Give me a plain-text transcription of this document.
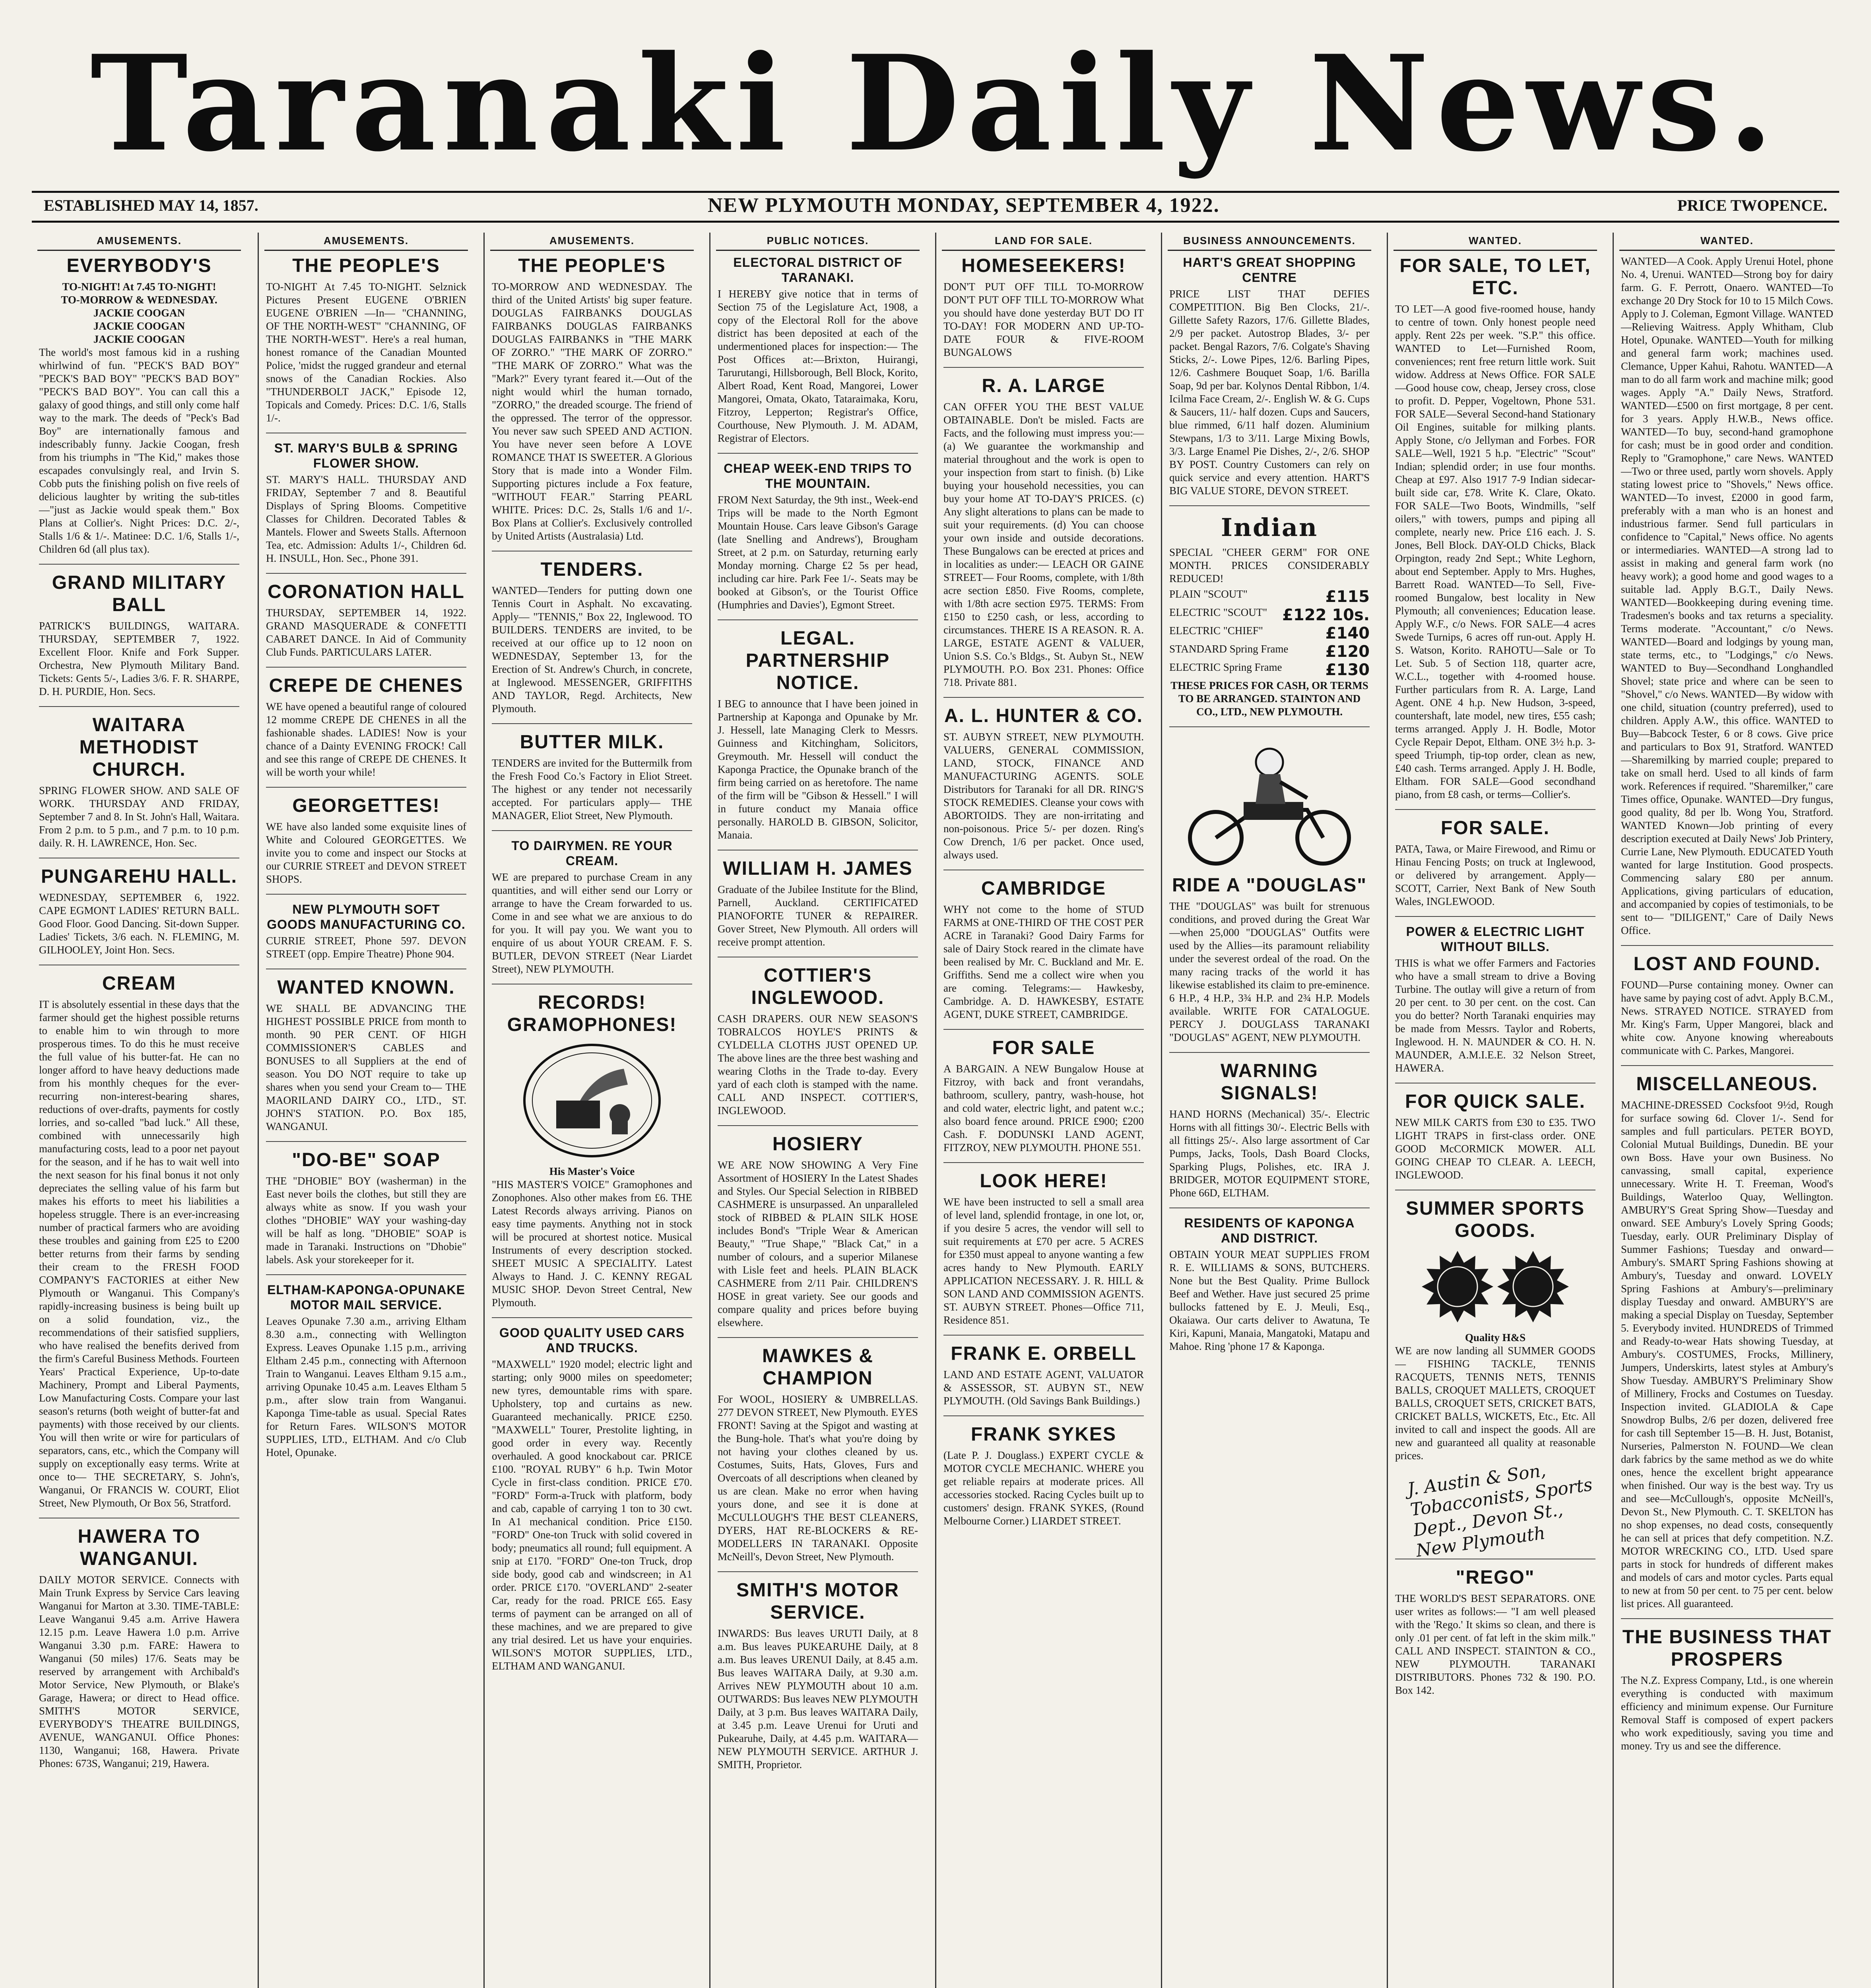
Taranaki Daily News.
ESTABLISHED MAY 14, 1857.	NEW PLYMOUTH MONDAY, SEPTEMBER 4, 1922.	PRICE TWOPENCE.
AMUSEMENTS.
EVERYBODY'S
TO-NIGHT! At 7.45 TO-NIGHT!
TO-MORROW & WEDNESDAY.
JACKIE COOGAN
JACKIE COOGAN
JACKIE COOGAN

The world's most famous kid in a rushing whirlwind of fun. "PECK'S BAD BOY" "PECK'S BAD BOY" "PECK'S BAD BOY" "PECK'S BAD BOY". You can call this a galaxy of good things, and still only come half way to the mark. The deeds of "Peck's Bad Boy" are internationally famous and indescribably funny. Jackie Coogan, fresh from his triumphs in "The Kid," makes those escapades convulsingly real, and Irvin S. Cobb puts the finishing polish on five reels of delicious laughter by writing the sub-titles—"just as Jackie would speak them." Box Plans at Collier's. Night Prices: D.C. 2/-, Stalls 1/6 & 1/-. Matinee: D.C. 1/6, Stalls 1/-, Children 6d (all plus tax).

GRAND MILITARY BALL

PATRICK'S BUILDINGS, WAITARA. THURSDAY, SEPTEMBER 7, 1922. Excellent Floor. Knife and Fork Supper. Orchestra, New Plymouth Military Band. Tickets: Gents 5/-, Ladies 3/6. F. R. SHARPE, D. H. PURDIE, Hon. Secs.

WAITARA METHODIST CHURCH.

SPRING FLOWER SHOW. AND SALE OF WORK. THURSDAY AND FRIDAY, September 7 and 8. In St. John's Hall, Waitara. From 2 p.m. to 5 p.m., and 7 p.m. to 10 p.m. daily. R. H. LAWRENCE, Hon. Sec.

PUNGAREHU HALL.

WEDNESDAY, SEPTEMBER 6, 1922. CAPE EGMONT LADIES' RETURN BALL. Good Floor. Good Dancing. Sit-down Supper. Ladies' Tickets, 3/6 each. N. FLEMING, M. GILHOOLEY, Joint Hon. Secs.

CREAM

IT is absolutely essential in these days that the farmer should get the highest possible returns to enable him to win through to more prosperous times. To do this he must receive the full value of his butter-fat. He can no longer afford to have heavy deductions made from his monthly cheques for the ever-recurring non-interest-bearing shares, reductions of over-drafts, payments for costly lorries, and so-called "bad luck." All these, combined with unnecessarily high manufacturing costs, lead to a poor net payout for the season, and if he has to wait well into the next season for his final bonus it not only depreciates the selling value of his farm but makes his efforts to meet his liabilities a hopeless struggle. There is an ever-increasing number of practical farmers who are avoiding these troubles and gaining from £25 to £200 better returns from their farms by sending their cream to the FRESH FOOD COMPANY'S FACTORIES at either New Plymouth or Wanganui. This Company's rapidly-increasing business is being built up on a solid foundation, viz., the recommendations of their satisfied suppliers, who have realised the benefits derived from the firm's Careful Business Methods. Fourteen Years' Practical Experience, Up-to-date Machinery, Prompt and Liberal Payments, Low Manufacturing Costs. Compare your last season's returns (both weight of butter-fat and payments) with those received by our clients. You will then write or wire for particulars of separators, cans, etc., which the Company will supply on exceptionally easy terms. Write at once to— THE SECRETARY, S. John's, Wanganui, Or FRANCIS W. COURT, Eliot Street, New Plymouth, Or Box 56, Stratford.

HAWERA TO WANGANUI.

DAILY MOTOR SERVICE. Connects with Main Trunk Express by Service Cars leaving Wanganui for Marton at 3.30. TIME-TABLE: Leave Wanganui 9.45 a.m. Arrive Hawera 12.15 p.m. Leave Hawera 1.0 p.m. Arrive Wanganui 3.30 p.m. FARE: Hawera to Wanganui (50 miles) 17/6. Seats may be reserved by arrangement with Archibald's Motor Service, New Plymouth, or Blake's Garage, Hawera; or direct to Head office. SMITH'S MOTOR SERVICE, EVERYBODY'S THEATRE BUILDINGS, AVENUE, WANGANUI. Office Phones: 1130, Wanganui; 168, Hawera. Private Phones: 673S, Wanganui; 219, Hawera.

AMUSEMENTS.
THE PEOPLE'S

TO-NIGHT At 7.45 TO-NIGHT. Selznick Pictures Present EUGENE O'BRIEN EUGENE O'BRIEN —In— "CHANNING, OF THE NORTH-WEST" "CHANNING, OF THE NORTH-WEST". Here's a real human, honest romance of the Canadian Mounted Police, 'midst the rugged grandeur and eternal snows of the Canadian Rockies. Also "THUNDERBOLT JACK," Episode 12, Topicals and Comedy. Prices: D.C. 1/6, Stalls 1/-.

ST. MARY'S BULB & SPRING FLOWER SHOW.

ST. MARY'S HALL. THURSDAY AND FRIDAY, September 7 and 8. Beautiful Displays of Spring Blooms. Competitive Classes for Children. Decorated Tables & Mantels. Flower and Sweets Stalls. Afternoon Tea, etc. Admission: Adults 1/-, Children 6d. H. INSULL, Hon. Sec., Phone 391.

CORONATION HALL

THURSDAY, SEPTEMBER 14, 1922. GRAND MASQUERADE & CONFETTI CABARET DANCE. In Aid of Community Club Funds. PARTICULARS LATER.

CREPE DE CHENES

WE have opened a beautiful range of coloured 12 momme CREPE DE CHENES in all the fashionable shades. LADIES! Now is your chance of a Dainty EVENING FROCK! Call and see this range of CREPE DE CHENES. It will be worth your while!

GEORGETTES!

WE have also landed some exquisite lines of White and Coloured GEORGETTES. We invite you to come and inspect our Stocks at our CURRIE STREET and DEVON STREET SHOPS.

NEW PLYMOUTH SOFT GOODS MANUFACTURING CO.

CURRIE STREET, Phone 597. DEVON STREET (opp. Empire Theatre) Phone 904.

WANTED KNOWN.

WE SHALL BE ADVANCING THE HIGHEST POSSIBLE PRICE from month to month. 90 PER CENT. OF HIGH COMMISSIONER'S CABLES and BONUSES to all Suppliers at the end of season. You DO NOT require to take up shares when you send your Cream to— THE MAORILAND DAIRY CO., LTD., ST. JOHN'S STATION. P.O. Box 185, WANGANUI.

"DO-BE" SOAP

THE "DHOBIE" BOY (washerman) in the East never boils the clothes, but still they are always white as snow. If you wash your clothes "DHOBIE" WAY your washing-day will be half as long. "DHOBIE" SOAP is made in Taranaki. Instructions on "Dhobie" labels. Ask your storekeeper for it.

ELTHAM-KAPONGA-OPUNAKE MOTOR MAIL SERVICE.

Leaves Opunake 7.30 a.m., arriving Eltham 8.30 a.m., connecting with Wellington Express. Leaves Opunake 1.15 p.m., arriving Eltham 2.45 p.m., connecting with Afternoon Train to Wanganui. Leaves Eltham 9.15 a.m., arriving Opunake 10.45 a.m. Leaves Eltham 5 p.m., after slow train from Wanganui. Kaponga Time-table as usual. Special Rates for Return Fares. WILSON'S MOTOR SUPPLIES, LTD., ELTHAM. And c/o Club Hotel, Opunake.

AMUSEMENTS.
THE PEOPLE'S

TO-MORROW AND WEDNESDAY. The third of the United Artists' big super feature. DOUGLAS FAIRBANKS DOUGLAS FAIRBANKS DOUGLAS FAIRBANKS DOUGLAS FAIRBANKS in "THE MARK OF ZORRO." "THE MARK OF ZORRO." "THE MARK OF ZORRO." What was the "Mark?" Every tyrant feared it.—Out of the night would whirl the human tornado, "ZORRO," the dreaded scourge. The friend of the oppressed. The terror of the oppressor. You never saw such SPEED AND ACTION. You have never seen before A LOVE ROMANCE THAT IS SWEETER. A Glorious Story that is made into a Wonder Film. Supporting pictures include a Fox feature, "WITHOUT FEAR." Starring PEARL WHITE. Prices: D.C. 2s, Stalls 1/6 and 1/-. Box Plans at Collier's. Exclusively controlled by United Artists (Australasia) Ltd.

TENDERS.

WANTED—Tenders for putting down one Tennis Court in Asphalt. No excavating. Apply— "TENNIS," Box 22, Inglewood. TO BUILDERS. TENDERS are invited, to be received at our office up to 12 noon on WEDNESDAY, September 13, for the Erection of St. Andrew's Church, in concrete, at Inglewood. MESSENGER, GRIFFITHS AND TAYLOR, Regd. Architects, New Plymouth.

BUTTER MILK.

TENDERS are invited for the Buttermilk from the Fresh Food Co.'s Factory in Eliot Street. The highest or any tender not necessarily accepted. For particulars apply— THE MANAGER, Eliot Street, New Plymouth.

TO DAIRYMEN. RE YOUR CREAM.

WE are prepared to purchase Cream in any quantities, and will either send our Lorry or arrange to have the Cream forwarded to us. Come in and see what we are anxious to do for you. It will pay you. We want you to enquire of us about YOUR CREAM. F. S. BUTLER, DEVON STREET (Near Liardet Street), NEW PLYMOUTH.

RECORDS! GRAMOPHONES!
His Master's Voice

"HIS MASTER'S VOICE" Gramophones and Zonophones. Also other makes from £6. THE Latest Records always arriving. Pianos on easy time payments. Anything not in stock will be procured at shortest notice. Musical Instruments of every description stocked. SHEET MUSIC A SPECIALITY. Latest Always to Hand. J. C. KENNY REGAL MUSIC SHOP. Devon Street Central, New Plymouth.

GOOD QUALITY USED CARS AND TRUCKS.

"MAXWELL" 1920 model; electric light and starting; only 9000 miles on speedometer; new tyres, demountable rims with spare. Upholstery, top and curtains as new. Guaranteed mechanically. PRICE £250. "MAXWELL" Tourer, Prestolite lighting, in good order in every way. Recently overhauled. A good knockabout car. PRICE £100. "ROYAL RUBY" 6 h.p. Twin Motor Cycle in first-class condition. PRICE £70. "FORD" Form-a-Truck with platform, body and cab, capable of carrying 1 ton to 30 cwt. In A1 mechanical condition. Price £150. "FORD" One-ton Truck with solid covered in body; pneumatics all round; full equipment. A snip at £170. "FORD" One-ton Truck, drop side body, good cab and windscreen; in A1 order. PRICE £170. "OVERLAND" 2-seater Car, ready for the road. PRICE £65. Easy terms of payment can be arranged on all of these machines, and we are prepared to give any trial desired. Let us have your enquiries. WILSON'S MOTOR SUPPLIES, LTD., ELTHAM AND WANGANUI.

PUBLIC NOTICES.
ELECTORAL DISTRICT OF TARANAKI.

I HEREBY give notice that in terms of Section 75 of the Legislature Act, 1908, a copy of the Electoral Roll for the above district has been deposited at each of the undermentioned places for inspection:— The Post Offices at:—Brixton, Huirangi, Tarurutangi, Hillsborough, Bell Block, Korito, Albert Road, Kent Road, Mangorei, Lower Mangorei, Omata, Okato, Tataraimaka, Koru, Fitzroy, Lepperton; Registrar's Office, Courthouse, New Plymouth. J. M. ADAM, Registrar of Electors.

CHEAP WEEK-END TRIPS TO THE MOUNTAIN.

FROM Next Saturday, the 9th inst., Week-end Trips will be made to the North Egmont Mountain House. Cars leave Gibson's Garage (late Snelling and Andrews'), Brougham Street, at 2 p.m. on Saturday, returning early Monday morning. Charge £2 5s per head, including car hire. Park Fee 1/-. Seats may be booked at Gibson's, or the Tourist Office (Humphries and Davies'), Egmont Street.

LEGAL. PARTNERSHIP NOTICE.

I BEG to announce that I have been joined in Partnership at Kaponga and Opunake by Mr. J. Hessell, late Managing Clerk to Messrs. Guinness and Kitchingham, Solicitors, Greymouth. Mr. Hessell will conduct the Kaponga Practice, the Opunake branch of the firm being carried on as heretofore. The name of the firm will be "Gibson & Hessell." I will in future conduct my Manaia office personally. HAROLD B. GIBSON, Solicitor, Manaia.

WILLIAM H. JAMES

Graduate of the Jubilee Institute for the Blind, Parnell, Auckland. CERTIFICATED PIANOFORTE TUNER & REPAIRER. Gover Street, New Plymouth. All orders will receive prompt attention.

COTTIER'S INGLEWOOD.

CASH DRAPERS. OUR NEW SEASON'S TOBRALCOS HOYLE'S PRINTS & CYLDELLA CLOTHS JUST OPENED UP. The above lines are the three best washing and wearing Cloths in the Trade to-day. Every yard of each cloth is stamped with the name. CALL AND INSPECT. COTTIER'S, INGLEWOOD.

HOSIERY

WE ARE NOW SHOWING A Very Fine Assortment of HOSIERY In the Latest Shades and Styles. Our Special Selection in RIBBED CASHMERE is unsurpassed. An unparalleled stock of RIBBED & PLAIN SILK HOSE includes Bond's "Triple Wear & American Beauty," "True Shape," "Black Cat," in a number of colours, and a superior Milanese with Lisle feet and heels. PLAIN BLACK CASHMERE from 2/11 Pair. CHILDREN'S HOSE in great variety. See our goods and compare quality and prices before buying elsewhere.

MAWKES & CHAMPION

For WOOL, HOSIERY & UMBRELLAS. 277 DEVON STREET, New Plymouth. EYES FRONT! Saving at the Spigot and wasting at the Bung-hole. That's what you're doing by not having your clothes cleaned by us. Costumes, Suits, Hats, Gloves, Furs and Overcoats of all descriptions when cleaned by us are clean. Make no error when having yours done, and see it is done at McCULLOUGH'S THE BEST CLEANERS, DYERS, HAT RE-BLOCKERS & RE-MODELLERS IN TARANAKI. Opposite McNeill's, Devon Street, New Plymouth.

SMITH'S MOTOR SERVICE.

INWARDS: Bus leaves URUTI Daily, at 8 a.m. Bus leaves PUKEARUHE Daily, at 8 a.m. Bus leaves URENUI Daily, at 8.45 a.m. Bus leaves WAITARA Daily, at 9.30 a.m. Arrives NEW PLYMOUTH about 10 a.m. OUTWARDS: Bus leaves NEW PLYMOUTH Daily, at 3 p.m. Bus leaves WAITARA Daily, at 3.45 p.m. Leave Urenui for Uruti and Pukearuhe, Daily, at 4.45 p.m. WAITARA—NEW PLYMOUTH SERVICE. ARTHUR J. SMITH, Proprietor.

LAND FOR SALE.
HOMESEEKERS!

DON'T PUT OFF TILL TO-MORROW DON'T PUT OFF TILL TO-MORROW What you should have done yesterday BUT DO IT TO-DAY! FOR MODERN AND UP-TO-DATE FOUR & FIVE-ROOM BUNGALOWS

R. A. LARGE

CAN OFFER YOU THE BEST VALUE OBTAINABLE. Don't be misled. Facts are Facts, and the following must impress you:— (a) We guarantee the workmanship and material throughout and the work is open to your inspection from start to finish. (b) Like buying your household necessities, you can buy your home AT TO-DAY'S PRICES. (c) Any slight alterations to plans can be made to suit your requirements. (d) You can choose your own inside and outside decorations. These Bungalows can be erected at prices and in localities as under:— LEACH OR GAINE STREET— Four Rooms, complete, with 1/8th acre section £850. Five Rooms, complete, with 1/8th acre section £975. TERMS: From £150 to £250 cash, or less, according to circumstances. THERE IS A REASON. R. A. LARGE, ESTATE AGENT & VALUER, Union S.S. Co.'s Bldgs., St. Aubyn St., NEW PLYMOUTH. P.O. Box 231. Phones: Office 718. Private 881.

A. L. HUNTER & CO.

ST. AUBYN STREET, NEW PLYMOUTH. VALUERS, GENERAL COMMISSION, LAND, STOCK, FINANCE AND MANUFACTURING AGENTS. SOLE Distributors for Taranaki for all DR. RING'S STOCK REMEDIES. Cleanse your cows with ABORTOIDS. They are non-irritating and non-poisonous. Price 5/- per dozen. Ring's Cow Drench, 1/6 per packet. Once used, always used.

CAMBRIDGE

WHY not come to the home of STUD FARMS at ONE-THIRD OF THE COST PER ACRE in Taranaki? Good Dairy Farms for sale of Dairy Stock reared in the climate have been realised by Mr. C. Buckland and Mr. E. Griffiths. Send me a collect wire when you are coming. Telegrams:— Hawkesby, Cambridge. A. D. HAWKESBY, ESTATE AGENT, DUKE STREET, CAMBRIDGE.

FOR SALE

A BARGAIN. A NEW Bungalow House at Fitzroy, with back and front verandahs, bathroom, scullery, pantry, wash-house, hot and cold water, electric light, and patent w.c.; also board fence around. PRICE £900; £200 Cash. F. DODUNSKI LAND AGENT, FITZROY, NEW PLYMOUTH. PHONE 551.

LOOK HERE!

WE have been instructed to sell a small area of level land, splendid frontage, in one lot, or, if you desire 5 acres, the vendor will sell to suit requirements at £70 per acre. 5 ACRES for £350 must appeal to anyone wanting a few acres handy to New Plymouth. EARLY APPLICATION NECESSARY. J. R. HILL & SON LAND AND COMMISSION AGENTS. ST. AUBYN STREET. Phones—Office 711, Residence 851.

FRANK E. ORBELL

LAND AND ESTATE AGENT, VALUATOR & ASSESSOR, ST. AUBYN ST., NEW PLYMOUTH. (Old Savings Bank Buildings.)

FRANK SYKES

(Late P. J. Douglass.) EXPERT CYCLE & MOTOR CYCLE MECHANIC. WHERE you get reliable repairs at moderate prices. All accessories stocked. Racing Cycles built up to customers' design. FRANK SYKES, (Round Melbourne Corner.) LIARDET STREET.

BUSINESS ANNOUNCEMENTS.
HART'S GREAT SHOPPING CENTRE

PRICE LIST THAT DEFIES COMPETITION. Big Ben Clocks, 21/-. Gillette Safety Razors, 17/6. Gillette Blades, 2/9 per packet. Autostrop Blades, 3/- per packet. Bengal Razors, 7/6. Colgate's Shaving Sticks, 2/-. Lowe Pipes, 12/6. Barling Pipes, 12/6. Cashmere Bouquet Soap, 1/6. Barilla Soap, 9d per bar. Kolynos Dental Ribbon, 1/4. Icilma Face Cream, 2/-. English W. & G. Cups & Saucers, 11/- half dozen. Cups and Saucers, blue rimmed, 6/11 half dozen. Aluminium Stewpans, 1/3 to 3/11. Large Mixing Bowls, 3/3. Large Enamel Pie Dishes, 2/-, 2/6. SHOP BY POST. Country Customers can rely on quick service and every attention. HART'S BIG VALUE STORE, DEVON STREET.

Indian

SPECIAL "CHEER GERM" FOR ONE MONTH. PRICES CONSIDERABLY REDUCED!

PLAIN "SCOUT"	£115
ELECTRIC "SCOUT" £122 10s.
ELECTRIC "CHIEF"	£140
STANDARD Spring Frame £120
ELECTRIC Spring Frame	£130

THESE PRICES FOR CASH, OR TERMS TO BE ARRANGED. STAINTON AND CO., LTD., NEW PLYMOUTH.

RIDE A "DOUGLAS"

THE "DOUGLAS" was built for strenuous conditions, and proved during the Great War—when 25,000 "DOUGLAS" Outfits were used by the Allies—its paramount reliability under the severest ordeal of the road. On the many racing tracks of the world it has likewise established its claim to pre-eminence. 6 H.P., 4 H.P., 3¾ H.P. and 2¾ H.P. Models available. WRITE FOR CATALOGUE. PERCY J. DOUGLASS TARANAKI "DOUGLAS" AGENT, NEW PLYMOUTH.

WARNING SIGNALS!

HAND HORNS (Mechanical) 35/-. Electric Horns with all fittings 30/-. Electric Bells with all fittings 25/-. Also large assortment of Car Pumps, Jacks, Tools, Dash Board Clocks, Sparking Plugs, Polishes, etc. IRA J. BRIDGER, MOTOR EQUIPMENT STORE, Phone 66D, ELTHAM.

RESIDENTS OF KAPONGA AND DISTRICT.

OBTAIN YOUR MEAT SUPPLIES FROM R. E. WILLIAMS & SONS, BUTCHERS. None but the Best Quality. Prime Bullock Beef and Wether. Have just secured 25 prime bullocks fattened by E. J. Meuli, Esq., Okaiawa. Our carts deliver to Awatuna, Te Kiri, Kapuni, Manaia, Mangatoki, Matapu and Mahoe. Ring 'phone 17 & Kaponga.

WANTED.
FOR SALE, TO LET, ETC.

TO LET—A good five-roomed house, handy to centre of town. Only honest people need apply. Rent 22s per week. "S.P." this office. WANTED to Let—Furnished Room, conveniences; rent free return little work. Suit widow. Address at News Office. FOR SALE—Good house cow, cheap, Jersey cross, close to profit. D. Pepper, Vogeltown, Phone 531. FOR SALE—Several Second-hand Stationary Oil Engines, suitable for milking plants. Apply Stone, c/o Jellyman and Forbes. FOR SALE—Well, 1921 5 h.p. "Electric" "Scout" Indian; splendid order; in use four months. Cheap at £97. Also 1917 7-9 Indian sidecar-built side car, £78. Write K. Clare, Okato. FOR SALE—Two Boots, Windmills, "self oilers," with towers, pumps and piping all complete, nearly new. Price £16 each. J. S. Jones, Bell Block. DAY-OLD Chicks, Black Orpington, ready 2nd Sept.; White Leghorn, about end September. Apply to Mrs. Hughes, Barrett Road. WANTED—To Sell, Five-roomed Bungalow, best locality in New Plymouth; all conveniences; Education lease. Apply W.F., c/o News. FOR SALE—4 acres Swede Turnips, 6 acres off run-out. Apply H. S. Watson, Korito. RAHOTU—Sale or To Let. Sub. 5 of Section 118, quarter acre, W.C.L., together with 4-roomed house. Further particulars from R. A. Large, Land Agent. ONE 4 h.p. New Hudson, 3-speed, countershaft, late model, new tires, £55 cash; terms arranged. Apply J. H. Bodle, Motor Cycle Repair Depot, Eltham. ONE 3½ h.p. 3-speed Triumph, tip-top order, clean as new, £40 cash. Terms arranged. Apply J. H. Bodle, Eltham. FOR SALE—Good secondhand piano, from £8 cash, or terms—Collier's.

FOR SALE.

PATA, Tawa, or Maire Firewood, and Rimu or Hinau Fencing Posts; on truck at Inglewood, or delivered by arrangement. Apply— SCOTT, Carrier, Next Bank of New South Wales, INGLEWOOD.

POWER & ELECTRIC LIGHT WITHOUT BILLS.

THIS is what we offer Farmers and Factories who have a small stream to drive a Boving Turbine. The outlay will give a return of from 20 per cent. to 30 per cent. on the cost. Can you do better? North Taranaki enquiries may be made from Messrs. Taylor and Roberts, Inglewood. H. N. MAUNDER & CO. H. N. MAUNDER, A.M.I.E.E. 32 Nelson Street, HAWERA.

FOR QUICK SALE.

NEW MILK CARTS from £30 to £35. TWO LIGHT TRAPS in first-class order. ONE GOOD McCORMICK MOWER. ALL GOING CHEAP TO CLEAR. A. LEECH, INGLEWOOD.

SUMMER SPORTS GOODS.
Quality H&S

WE are now landing all SUMMER GOODS— FISHING TACKLE, TENNIS RACQUETS, TENNIS NETS, TENNIS BALLS, CROQUET MALLETS, CROQUET BALLS, CROQUET SETS, CRICKET BATS, CRICKET BALLS, WICKETS, Etc., Etc. All invited to call and inspect the goods. All are new and guaranteed all quality at reasonable prices.

J. Austin & Son, Tobacconists, Sports Dept., Devon St., New Plymouth
"REGO"

THE WORLD'S BEST SEPARATORS. ONE user writes as follows:— "I am well pleased with the 'Rego.' It skims so clean, and there is only .01 per cent. of fat left in the skim milk." CALL AND INSPECT. STAINTON & CO., NEW PLYMOUTH. TARANAKI DISTRIBUTORS. Phones 732 & 190. P.O. Box 142.

WANTED.

WANTED—A Cook. Apply Urenui Hotel, phone No. 4, Urenui. WANTED—Strong boy for dairy farm. G. F. Perrott, Onaero. WANTED—To exchange 20 Dry Stock for 10 to 15 Milch Cows. Apply to J. Coleman, Egmont Village. WANTED—Relieving Waitress. Apply Whitham, Club Hotel, Opunake. WANTED—Youth for milking and general farm work; machines used. Clemance, Upper Kahui, Rahotu. WANTED—A man to do all farm work and machine milk; good wages. Apply "A." Daily News, Stratford. WANTED—£500 on first mortgage, 8 per cent. for 3 years. Apply H.W.B., News office. WANTED—To buy, second-hand gramophone for cash; must be in good order and condition. Reply to "Gramophone," care News. WANTED—Two or three used, partly worn shovels. Apply stating lowest price to "Shovels," News office. WANTED—To invest, £2000 in good farm, preferably with a man who is an honest and industrious farmer. Send full particulars in confidence to "Capital," News office. No agents or intermediaries. WANTED—A strong lad to assist in making and general farm work (no heavy work); a good home and good wages to a suitable lad. Apply B.G.T., Daily News. WANTED—Bookkeeping during evening time. Tradesmen's books and tax returns a speciality. Terms moderate. "Accountant," c/o News. WANTED—Board and lodgings by young man, state terms, etc., to "Lodgings," c/o News. WANTED to Buy—Secondhand Longhandled Shovel; state price and where can be seen to "Shovel," c/o News. WANTED—By widow with one child, situation (country preferred), used to children. Apply A.W., this office. WANTED to Buy—Babcock Tester, 6 or 8 cows. Give price and particulars to Box 91, Stratford. WANTED—Sharemilking by married couple; prepared to take on small herd. Used to all kinds of farm work. References if required. "Sharemilker," care Times office, Opunake. WANTED—Dry fungus, good quality, 8d per lb. Wong You, Stratford. WANTED Known—Job printing of every description executed at Daily News' Job Printery, Currie Lane, New Plymouth. EDUCATED Youth wanted for large Institution. Good prospects. Commencing salary £80 per annum. Applications, giving particulars of education, and accompanied by copies of testimonials, to be sent to— "DILIGENT," Care of Daily News Office.

LOST AND FOUND.

FOUND—Purse containing money. Owner can have same by paying cost of advt. Apply B.C.M., News. STRAYED NOTICE. STRAYED from Mr. King's Farm, Upper Mangorei, black and white cow. Anyone knowing whereabouts communicate with C. Parkes, Mangorei.

MISCELLANEOUS.

MACHINE-DRESSED Cocksfoot 9½d, Rough for surface sowing 6d. Clover 1/-. Send for samples and full particulars. PETER BOYD, Colonial Mutual Buildings, Dunedin. BE your own Boss. Have your own Business. No canvassing, small capital, experience unnecessary. Write H. T. Freeman, Wood's Buildings, Waterloo Quay, Wellington. AMBURY'S Great Spring Show—Tuesday and onward. SEE Ambury's Lovely Spring Goods; Tuesday, early. OUR Preliminary Display of Summer Fashions; Tuesday and onward—Ambury's. SMART Spring Fashions showing at Ambury's, Tuesday and onward. LOVELY Spring Fashions at Ambury's—preliminary display Tuesday and onward. AMBURY'S are making a special Display on Tuesday, September 5. Everybody invited. HUNDREDS of Trimmed and Ready-to-wear Hats showing Tuesday, at Ambury's. COSTUMES, Frocks, Millinery, Jumpers, Underskirts, latest styles at Ambury's Show Tuesday. AMBURY'S Preliminary Show of Millinery, Frocks and Costumes on Tuesday. Inspection invited. GLADIOLA & Cape Snowdrop Bulbs, 2/6 per dozen, delivered free for cash till September 15—B. H. Just, Botanist, Nurseries, Palmerston N. FOUND—We clean dark fabrics by the same method as we do white ones, hence the excellent bright appearance when finished. Our way is the best way. Try us and see—McCullough's, opposite McNeill's, Devon St., New Plymouth. C. T. SKELTON has no shop expenses, no dead costs, consequently he can sell at prices that defy competition. N.Z. MOTOR WRECKING CO., LTD. Used spare parts in stock for hundreds of different makes and models of cars and motor cycles. Parts equal to new at from 50 per cent. to 75 per cent. below list prices. All guaranteed.

THE BUSINESS THAT PROSPERS

The N.Z. Express Company, Ltd., is one wherein everything is conducted with maximum efficiency and minimum expense. Our Furniture Removal Staff is composed of expert packers who work expeditiously, saving you time and money. Try us and see the difference.
